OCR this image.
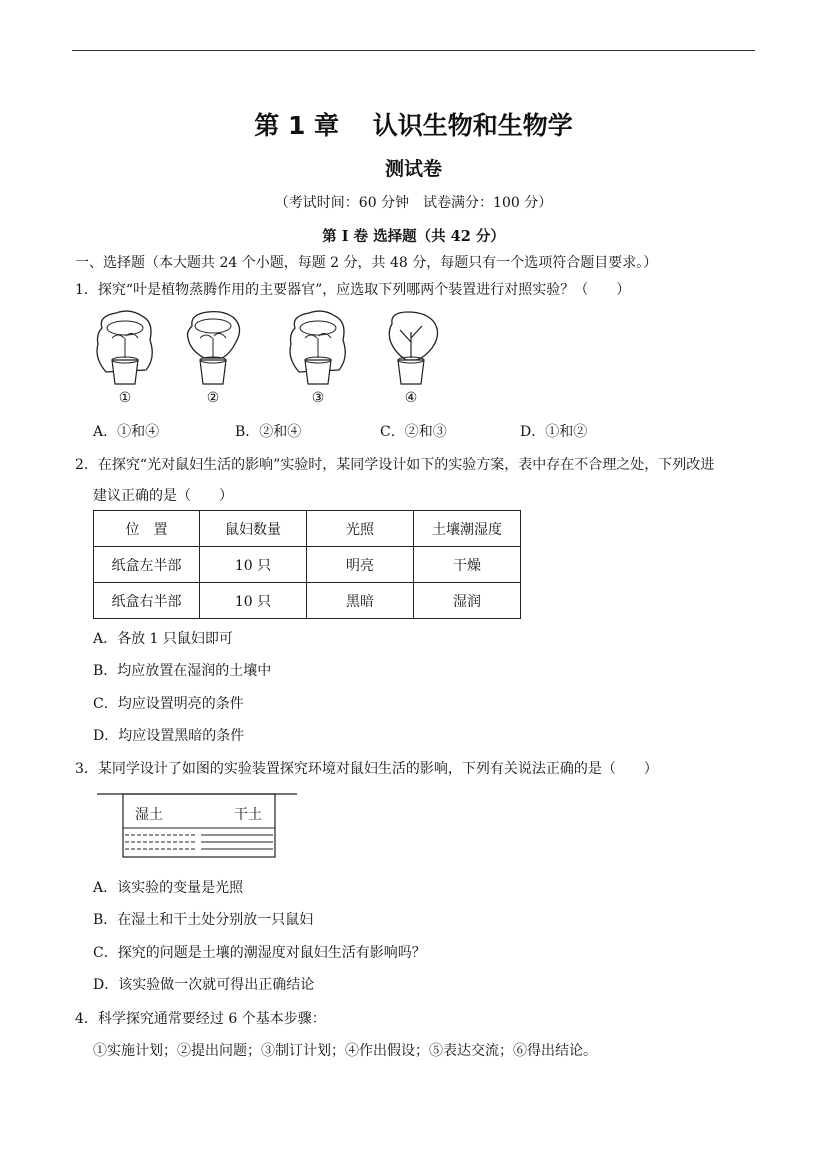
第 1 章　 认识生物和生物学
测试卷
（考试时间：60 分钟　试卷满分：100 分）
第 I 卷 选择题（共 42 分）
一、选择题（本大题共 24 个小题，每题 2 分，共 48 分，每题只有一个选项符合题目要求。）
1．探究“叶是植物蒸腾作用的主要器官”，应选取下列哪两个装置进行对照实验？（　　）
①	②	③	④
A．①和④	B．②和④	C．②和③	D．①和②
2．在探究“光对鼠妇生活的影响”实验时，某同学设计如下的实验方案，表中存在不合理之处，下列改进
建议正确的是（　　）
位　置	鼠妇数量	光照	土壤潮湿度
纸盒左半部	10 只	明亮	干燥
纸盒右半部	10 只	黑暗	湿润
A．各放 1 只鼠妇即可
B．均应放置在湿润的土壤中
C．均应设置明亮的条件
D．均应设置黑暗的条件
3．某同学设计了如图的实验装置探究环境对鼠妇生活的影响，下列有关说法正确的是（　　）
湿土	干土
A．该实验的变量是光照
B．在湿土和干土处分别放一只鼠妇
C．探究的问题是土壤的潮湿度对鼠妇生活有影响吗？
D．该实验做一次就可得出正确结论
4．科学探究通常要经过 6 个基本步骤：
①实施计划；②提出问题；③制订计划；④作出假设；⑤表达交流；⑥得出结论。
